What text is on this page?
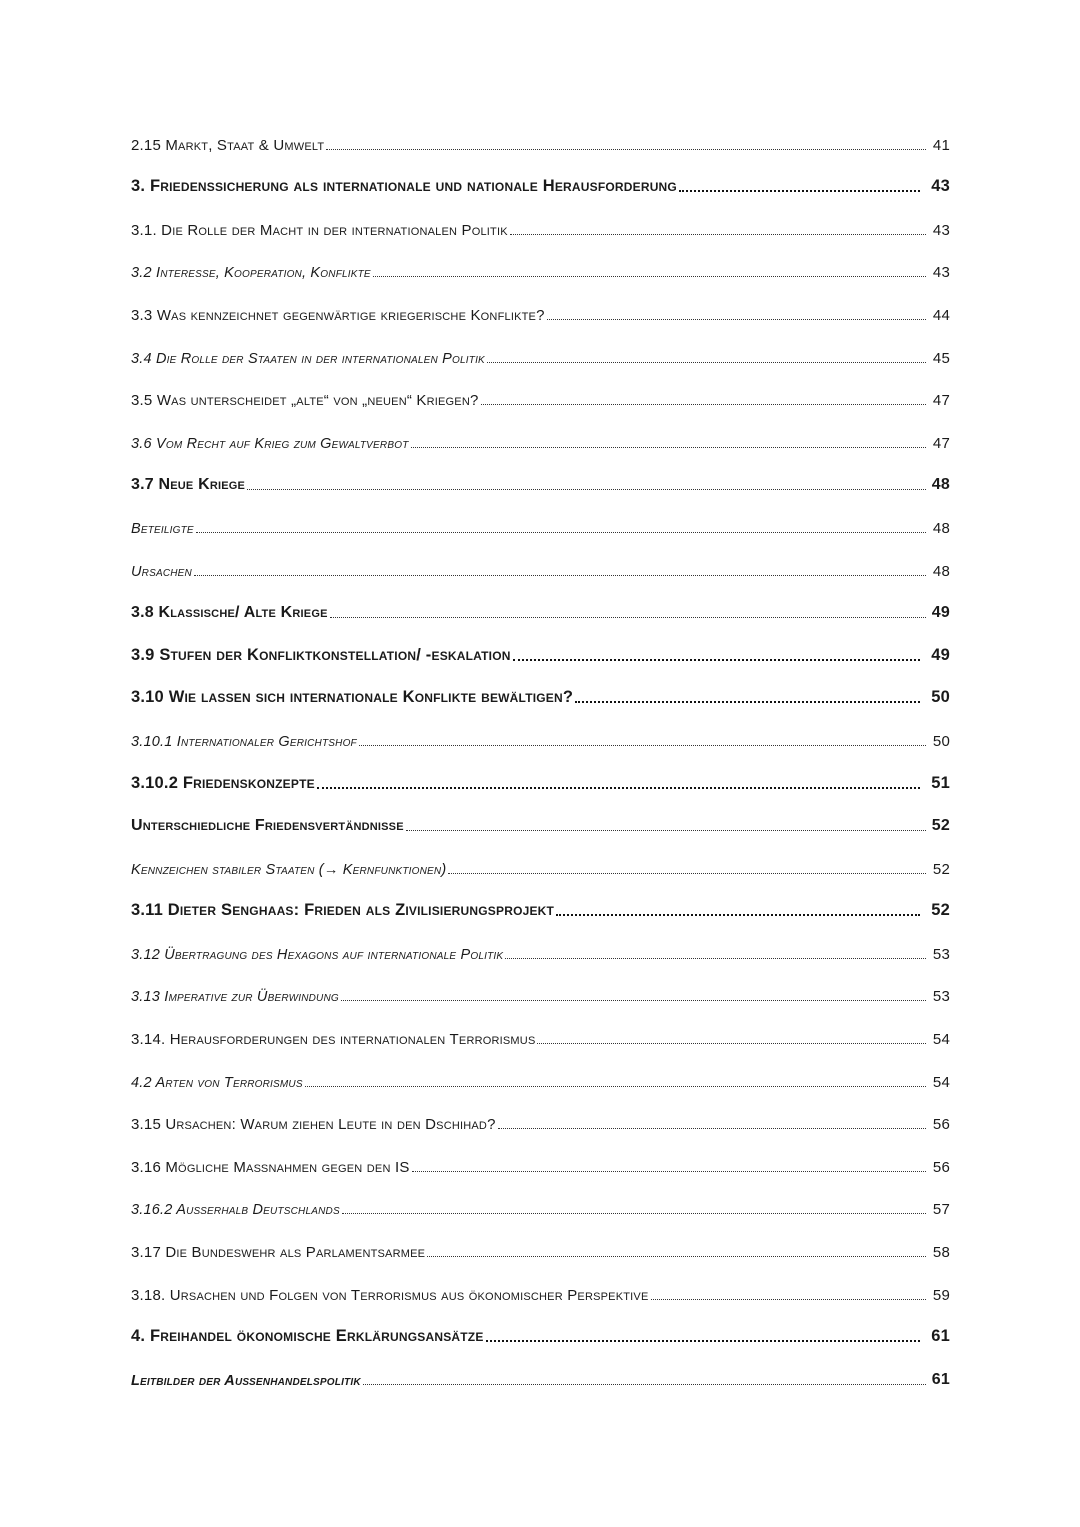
2.15 Markt, Staat & Umwelt	41
3. Friedenssicherung als internationale und nationale Herausforderung	43
3.1. Die Rolle der Macht in der internationalen Politik	43
3.2 Interesse, Kooperation, Konflikte	43
3.3 Was kennzeichnet gegenwärtige kriegerische Konflikte?	44
3.4 Die Rolle der Staaten in der internationalen Politik	45
3.5 Was unterscheidet „alte“ von „neuen“ Kriegen?	47
3.6 Vom Recht auf Krieg zum Gewaltverbot	47
3.7 Neue Kriege	48
Beteiligte	48
Ursachen	48
3.8 Klassische/ Alte Kriege	49
3.9 Stufen der Konfliktkonstellation/ -eskalation	49
3.10 Wie lassen sich internationale Konflikte bewältigen?	50
3.10.1 Internationaler Gerichtshof	50
3.10.2 Friedenskonzepte	51
Unterschiedliche Friedensvertändnisse	52
Kennzeichen stabiler Staaten (→ Kernfunktionen)	52
3.11 Dieter Senghaas: Frieden als Zivilisierungsprojekt	52
3.12 Übertragung des Hexagons auf internationale Politik	53
3.13 Imperative zur Überwindung	53
3.14. Herausforderungen des internationalen Terrorismus	54
4.2 Arten von Terrorismus	54
3.15 Ursachen: Warum ziehen Leute in den Dschihad?	56
3.16 Mögliche Maßnahmen gegen den IS	56
3.16.2 Außerhalb Deutschlands	57
3.17 Die Bundeswehr als Parlamentsarmee	58
3.18. Ursachen und Folgen von Terrorismus aus ökonomischer Perspektive	59
4. Freihandel ökonomische Erklärungsansätze	61
Leitbilder der Außenhandelspolitik	61
